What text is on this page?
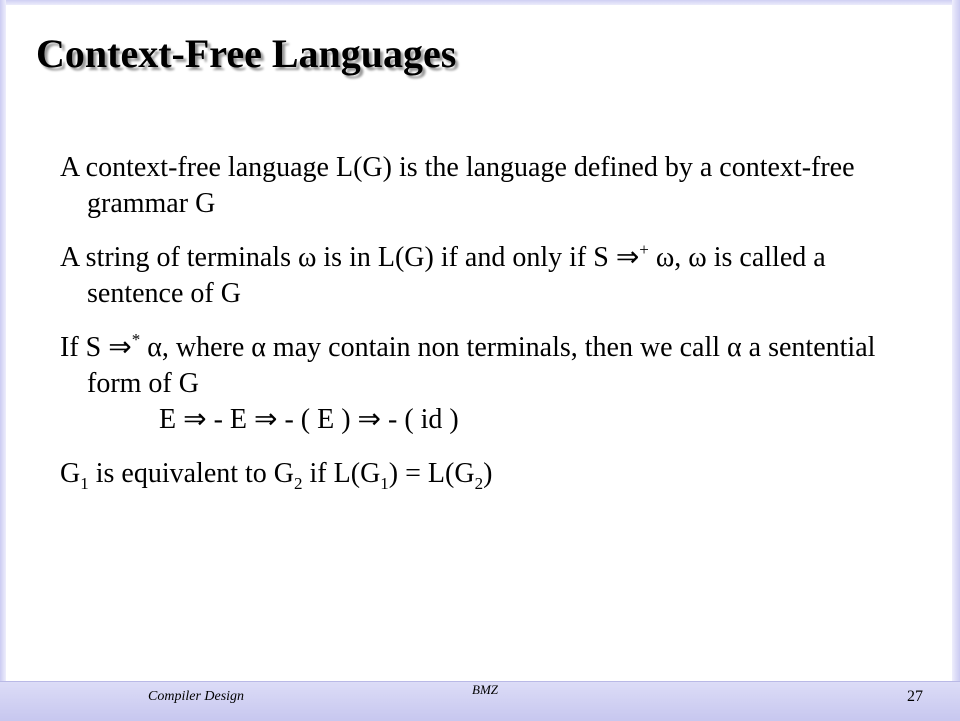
Context-Free Languages

A context-free language L(G) is the language defined by a context-free grammar G

A string of terminals ω is in L(G) if and only if S ⇒+ ω, ω is called a sentence of G

If S ⇒* α, where α may contain non terminals, then we call α a sentential form of G
E ⇒ - E ⇒ - ( E ) ⇒ - ( id )

$G_1$ is equivalent to $G_2$ if $L(G_1) = L(G_2)$

Compiler Design	BMZ	27
